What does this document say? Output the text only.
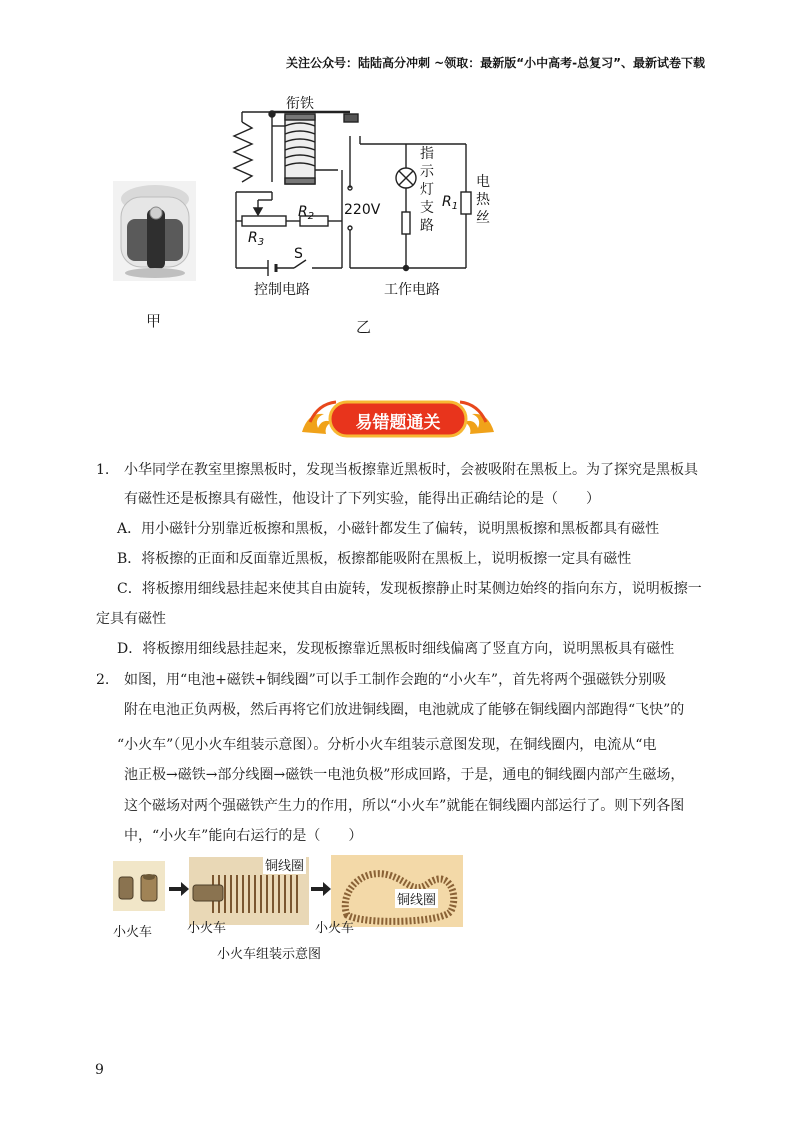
关注公众号：陆陆高分冲刺 ~领取：最新版“小中高考-总复习”、最新试卷下载
甲
衔铁
$R_2$
$R_3$
S
220V	$R_1$
指
示
灯
支
路
电
热
丝
控制电路	工作电路
乙
易错题通关
1. 小华同学在教室里擦黑板时，发现当板擦靠近黑板时，会被吸附在黑板上。为了探究是黑板具
有磁性还是板擦具有磁性，他设计了下列实验，能得出正确结论的是（　　）
A．用小磁针分别靠近板擦和黑板，小磁针都发生了偏转，说明黑板擦和黑板都具有磁性
B．将板擦的正面和反面靠近黑板，板擦都能吸附在黑板上，说明板擦一定具有磁性
C．将板擦用细线悬挂起来使其自由旋转，发现板擦静止时某侧边始终的指向东方，说明板擦一
定具有磁性
D．将板擦用细线悬挂起来，发现板擦靠近黑板时细线偏离了竖直方向，说明黑板具有磁性
2. 如图，用“电池+磁铁+铜线圈”可以手工制作会跑的“小火车”，首先将两个强磁铁分别吸
附在电池正负两极，然后再将它们放进铜线圈，电池就成了能够在铜线圈内部跑得“飞快”的
“小火车”（见小火车组装示意图）。分析小火车组装示意图发现，在铜线圈内，电流从“电
池正极→磁铁→部分线圈→磁铁一电池负极”形成回路，于是，通电的铜线圈内部产生磁场，
这个磁场对两个强磁铁产生力的作用，所以“小火车”就能在铜线圈内部运行了。则下列各图
中，“小火车”能向右运行的是（　　）
铜线圈
铜线圈
小火车	小火车	小火车
小火车组装示意图
9
